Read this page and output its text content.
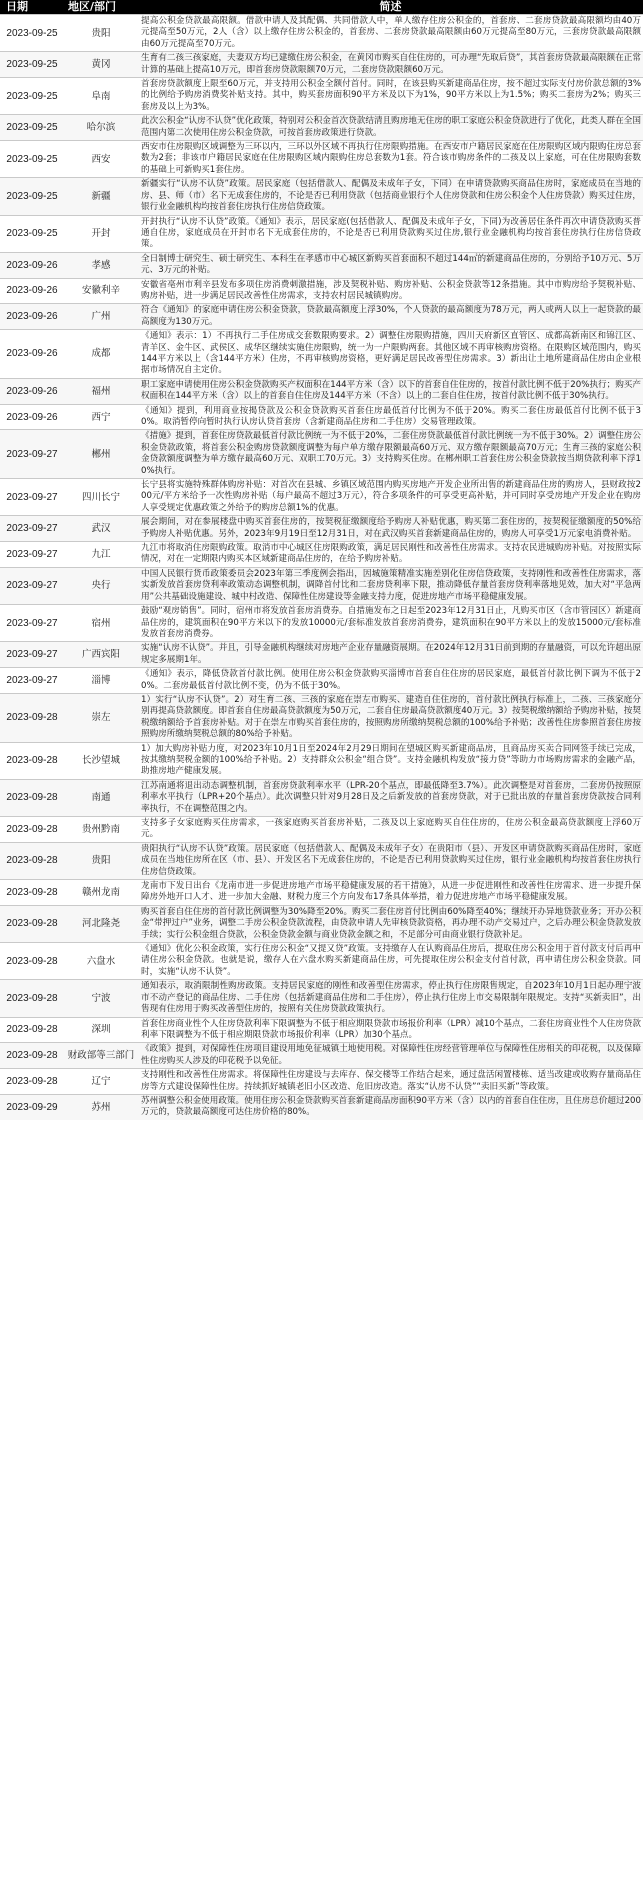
日期	地区/部门	简述
2023-09-25	贵阳	提高公积金贷款最高限额。借款申请人及其配偶、共同借款人中，单人缴存住房公积金的，首套房、二套房贷款最高限额均由40万元提高至50万元，2人（含）以上缴存住房公积金的，首套房、二套房贷款最高限额由60万元提高至80万元，三套房贷款最高限额由60万元提高至70万元。
2023-09-25	黄冈	生育有二孩三孩家庭，夫妻双方均已建缴住房公积金，在黄冈市购买自住住房的，可办理“先取后贷”，其首套房贷款最高限额在正常计算的基础上提高10万元，即首套房贷款限额70万元，二套房贷款限额60万元。
2023-09-25	阜南	首套房贷款额度上限至60万元，并支持用公积金全额付首付。同时，在该县购买新建商品住房，按不超过实际支付房价款总额的3%的比例给予购房消费奖补贴支持。其中，购买套房面积90平方米及以下为1%，90平方米以上为1.5%；购买二套房为2%；购买三套房及以上为3%。
2023-09-25	哈尔滨	此次公积金“认房不认贷”优化政策，特别对公积金首次贷款结清且购房地无住房的职工家庭公积金贷款进行了优化，此类人群在全国范围内第二次使用住房公积金贷款，可按首套房政策进行贷款。
2023-09-25	西安	西安市住房限购区域调整为三环以内，三环以外区域不再执行住房限购措施。在西安市户籍居民家庭在住房限购区域内限购住房总套数为2套；非该市户籍居民家庭在住房限购区域内限购住房总套数为1套。符合该市购房条件的二孩及以上家庭，可在住房限购套数的基础上可新购买1套住房。
2023-09-25	新疆	新疆实行“认房不认贷”政策。居民家庭（包括借款人、配偶及未成年子女，下同）在申请贷款购买商品住房时，家庭成员在当地的房、县、师（市）名下无成套住房的，不论是否已利用贷款（包括商业银行个人住房贷款和住房公积金个人住房贷款）购买过住房，银行业金融机构均按首套住房执行住房信贷政策。
2023-09-25	开封	开封执行“认房不认贷”政策。《通知》表示，居民家庭(包括借款人、配偶及未成年子女，下同)为改善居住条件再次申请贷款购买普通自住房，家庭成员在开封市名下无成套住房的，不论是否已利用贷款购买过住房,银行业金融机构均按首套住房执行住房信贷政策。
2023-09-26	孝感	全日制博士研究生、硕士研究生、本科生在孝感市中心城区新购买首套面积不超过144㎡的新建商品住房的，分别给予10万元、5万元、3万元的补贴。
2023-09-26	安徽利辛	安徽省亳州市利辛县发布多项住房消费刺激措施，涉及契税补贴、购房补贴、公积金贷款等12条措施。其中市购房给予契税补贴、购房补贴，进一步满足居民改善性住房需求，支持农村居民城镇购房。
2023-09-26	广州	符合《通知》的家庭申请住房公积金贷款，贷款最高额度上浮30%，个人贷款的最高额度为78万元，两人或两人以上一起贷款的最高额度为130万元。
2023-09-26	成都	《通知》表示：1）不再执行二手住房成交套数限购要求。2）调整住房限购措施，四川天府新区直管区、成都高新南区和锦江区、青羊区、金牛区、武侯区、成华区继续实施住房限购，统一为一户限购两套。其他区域不再审核购房资格。在限购区域范围内，购买144平方米以上（含144平方米）住房，不再审核购房资格，更好满足居民改善型住房需求。3）新出让土地所建商品住房由企业根据市场情况自主定价。
2023-09-26	福州	职工家庭申请使用住房公积金贷款购买产权面积在144平方米（含）以下的首套自住住房的，按首付款比例不低于20%执行；购买产权面积在144平方米（含）以上的首套自住住房及144平方米（不含）以上的二套自住住房，按首付款比例不低于30%执行。
2023-09-26	西宁	《通知》提到，利用商业按揭贷款及公积金贷款购买首套住房最低首付比例为不低于20%。购买二套住房最低首付比例不低于30%。取消暂停向暂时执行认房认贷首套房（含新建商品住房和二手住房）交易管理政策。
2023-09-27	郴州	《措施》提到，首套住房贷款最低首付款比例统一为不低于20%，二套住房贷款最低首付款比例统一为不低于30%。2）调整住房公积金贷款政策，将首套公积金购房贷款额度调整为每户单方缴存限额最高60万元、双方缴存限额最高70万元；生育三孩的家庭公积金贷款额度调整为单方缴存最高60万元、双职工70万元。3）支持购买住房。在郴州职工首套住房公积金贷款按当期贷款利率下浮10%执行。
2023-09-27	四川长宁	长宁县将实施特殊群体购房补贴：对首次在县城、乡镇区域范围内购买房地产开发企业所出售的新建商品住房的购房人，县财政按200元/平方米给予一次性购房补贴（每户最高不超过3万元），符合多项条件的可享受更高补贴，并可同时享受房地产开发企业在购房人享受规定优惠政策之外给予的购房总额1%的优惠。
2023-09-27	武汉	展会期间，对在参展楼盘中购买首套住房的，按契税征缴额度给予购房人补贴优惠，购买第二套住房的，按契税征缴额度的50%给予购房人补贴优惠。另外，2023年9月19日至12月31日，对在武汉购买首套新建商品住房的，购房人可享受1万元家电消费补贴。
2023-09-27	九江	九江市将取消住房限购政策。取消市中心城区住房限购政策，满足居民刚性和改善性住房需求。支持农民进城购房补贴。对按照实际情况，对在一定期限内购买本区域新建商品住房的，在给予购房补贴。
2023-09-27	央行	中国人民银行货币政策委员会2023年第三季度例会指出，因城施策精准实施差别化住房信贷政策，支持刚性和改善性住房需求，落实新发放首套房贷利率政策动态调整机制，调降首付比和二套房贷利率下限，推动降低存量首套房贷利率落地见效，加大对“平急两用”公共基础设施建设、城中村改造、保障性住房建设等金融支持力度，促进房地产市场平稳健康发展。
2023-09-27	宿州	鼓励“观房销售”。同时，宿州市将发放首套房消费券。自措施发布之日起至2023年12月31日止，凡购买市区（含市管园区）新建商品住房的，建筑面积在90平方米以下的发放10000元/套标准发放首套房消费券，建筑面积在90平方米以上的发放15000元/套标准发放首套房消费券。
2023-09-27	广西宾阳	实施“认房不认贷”。并且，引导金融机构继续对房地产企业存量融资展期。在2024年12月31日前到期的存量融资，可以允许超出原规定多展期1年。
2023-09-27	淄博	《通知》表示，降低贷款首付款比例。使用住房公积金贷款购买淄博市首套自住住房的居民家庭，最低首付款比例下调为不低于20%。二套房最低首付款比例不变，仍为不低于30%。
2023-09-28	崇左	1）实行“认房不认贷”。2）对生育二孩、三孩的家庭在崇左市购买、建造自住住房的，首付款比例执行标准上，二孩、三孩家庭分别再提高贷款额度。即首套自住房最高贷款额度为50万元，二套自住房最高贷款额度40万元。3）按契税缴纳额给予购房补贴，按契税缴纳额给予首套房补贴。对于在崇左市购买首套住房的，按照购房所缴纳契税总额的100%给予补贴；改善性住房参照首套住房按照购房所缴纳契税总额的80%给予补贴。
2023-09-28	长沙望城	1）加大购房补贴力度，对2023年10月1日至2024年2月29日期间在望城区购买新建商品房，且商品房买卖合同网签手续已完成，按其缴纳契税金额的100%给予补贴。2）支持群众公积金“组合贷”。支持金融机构发放“接力贷”等助力市场购房需求的金融产品，助推房地产健康发展。
2023-09-28	南通	江苏南通将退出动态调整机制，首套房贷款利率水平（LPR-20个基点，即最低降至3.7%）。此次调整是对首套房，二套房仍按照原利率水平执行（LPR+20个基点）。此次调整只针对9月28日及之后新发放的首套房贷款，对于已批出放的存量首套房贷款按合同利率执行，不在调整范围之内。
2023-09-28	贵州黔南	支持多子女家庭购买住房需求，一孩家庭购买首套房补贴，二孩及以上家庭购买自住住房的，住房公积金最高贷款额度上浮60万元。
2023-09-28	贵阳	贵阳执行“认房不认贷”政策。居民家庭（包括借款人、配偶及未成年子女）在贵阳市（县）、开发区申请贷款购买商品住房时，家庭成员在当地住房所在区（市、县）、开发区名下无成套住房的，不论是否已利用贷款购买过住房，银行业金融机构均按首套住房执行住房信贷政策。
2023-09-28	赣州龙南	龙南市下发日出台《龙南市进一步促进房地产市场平稳健康发展的若干措施》，从进一步促进刚性和改善性住房需求、进一步提升保障房外地开口人才、进一步加大金融、财税力度三个方向发布17条具体举措，着力促进房地产市场平稳健康发展。
2023-09-28	河北隆尧	购买首套自住住房的首付款比例调整为30%降至20%。购买二套住房首付比例由60%降至40%；继续开办异地贷款业务；开办公积金“带押过户”业务，调整二手房公积金贷款流程，由贷款申请人先审核贷款资格，再办理不动产交易过户，之后办理公积金贷款发放手续；实行公积金组合贷款，公积金贷款金额与商业贷款金额之和，不足部分可由商业银行贷款补足。
2023-09-28	六盘水	《通知》优化公积金政策，实行住房公积金“又提又贷”政策。支持缴存人在认购商品住房后，提取住房公积金用于首付款支付后再申请住房公积金贷款。也就是说，缴存人在六盘水购买新建商品住房，可先提取住房公积金支付首付款，再申请住房公积金贷款。同时，实施“认房不认贷”。
2023-09-28	宁波	通知表示，取消限制性购房政策。支持居民家庭的刚性和改善型住房需求，停止执行住房限售规定，自2023年10月1日起办理宁波市不动产登记的商品住房、二手住房（包括新建商品住房和二手住房），停止执行住房上市交易限制年限规定。支持“买新卖旧”，出售现有住房用于购买改善型住房的，按照有关住房贷款政策执行。
2023-09-28	深圳	首套住房商业性个人住房贷款利率下限调整为不低于相应期限贷款市场报价利率（LPR）减10个基点，二套住房商业性个人住房贷款利率下限调整为不低于相应期限贷款市场报价利率（LPR）加30个基点。
2023-09-28	财政部等三部门	《政策》提到，对保障性住房项目建设用地免征城镇土地使用税。对保障性住房经营管理单位与保障性住房相关的印花税，以及保障性住房购买人涉及的印花税予以免征。
2023-09-28	辽宁	支持刚性和改善性住房需求。将保障性住房建设与去库存、保交楼等工作结合起来，通过盘活闲置楼栋、适当改建或收购存量商品住房等方式建设保障性住房。持续抓好城镇老旧小区改造、危旧房改造。落实“认房不认贷”“卖旧买新”等政策。
2023-09-29	苏州	苏州调整公积金使用政策。使用住房公积金贷款购买首套新建商品房面积90平方米（含）以内的首套自住住房，且住房总价超过200万元的，贷款最高额度可达住房价格的80%。
